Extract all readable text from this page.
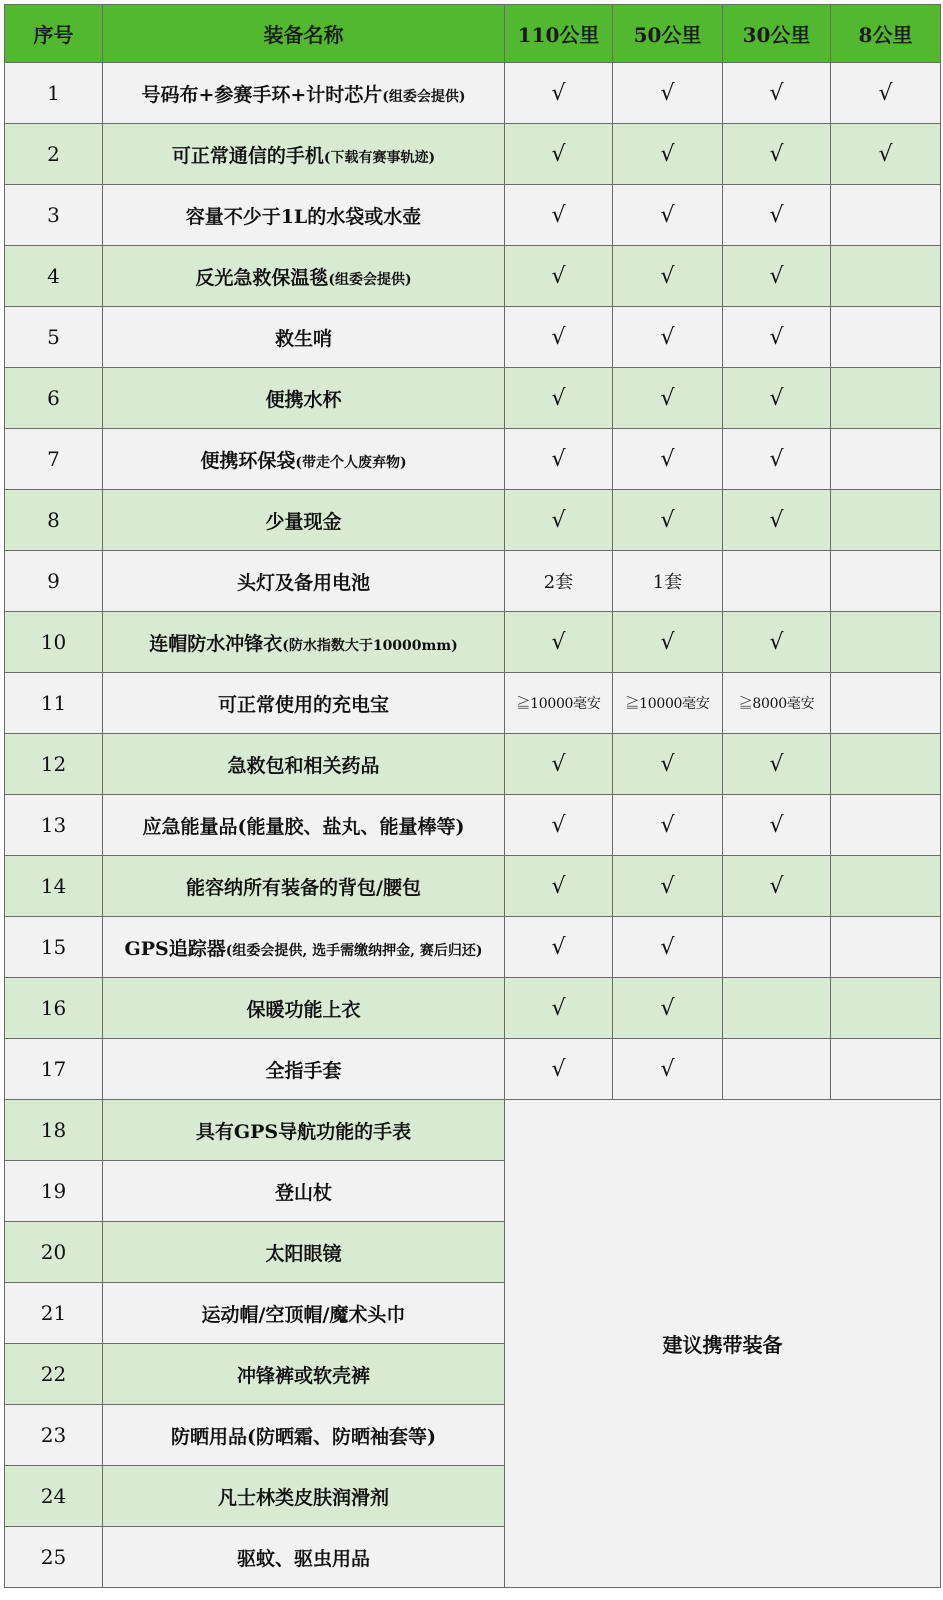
序号	装备名称	110公里	50公里	30公里	8公里
1	号码布+参赛手环+计时芯片(组委会提供)	√	√	√	√
2	可正常通信的手机(下载有赛事轨迹)	√	√	√	√
3	容量不少于1L的水袋或水壶	√	√	√	
4	反光急救保温毯(组委会提供)	√	√	√	
5	救生哨	√	√	√	
6	便携水杯	√	√	√	
7	便携环保袋(带走个人废弃物)	√	√	√	
8	少量现金	√	√	√	
9	头灯及备用电池	2套	1套		
10	连帽防水冲锋衣(防水指数大于10000mm)	√	√	√	
11	可正常使用的充电宝	≧10000毫安	≧10000毫安	≧8000毫安	
12	急救包和相关药品	√	√	√	
13	应急能量品(能量胶、盐丸、能量棒等)	√	√	√	
14	能容纳所有装备的背包/腰包	√	√	√	
15	GPS追踪器(组委会提供, 选手需缴纳押金, 赛后归还)	√	√		
16	保暖功能上衣	√	√		
17	全指手套	√	√		
18	具有GPS导航功能的手表	建议携带装备			
19	登山杖				
20	太阳眼镜				
21	运动帽/空顶帽/魔术头巾				
22	冲锋裤或软壳裤				
23	防晒用品(防晒霜、防晒袖套等)				
24	凡士林类皮肤润滑剂				
25	驱蚊、驱虫用品				
